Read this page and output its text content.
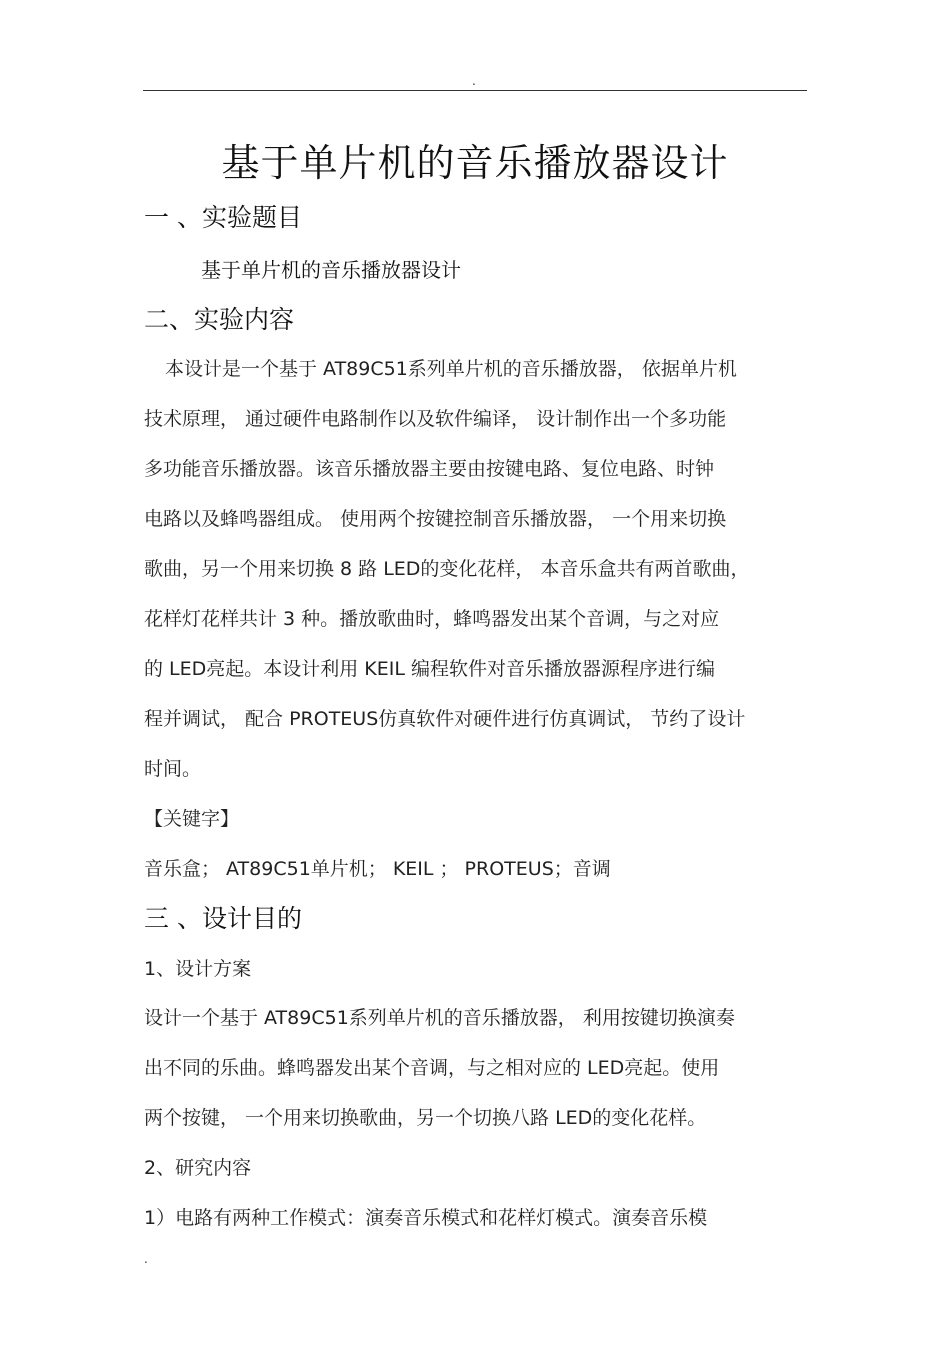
.
基于单片机的音乐播放器设计
一 、实验题目
基于单片机的音乐播放器设计
二、实验内容
本设计是一个基于 AT89C51系列单片机的音乐播放器， 依据单片机
技术原理， 通过硬件电路制作以及软件编译， 设计制作出一个多功能
多功能音乐播放器。该音乐播放器主要由按键电路、复位电路、时钟
电路以及蜂鸣器组成。 使用两个按键控制音乐播放器， 一个用来切换
歌曲，另一个用来切换 8 路 LED的变化花样， 本音乐盒共有两首歌曲，
花样灯花样共计 3 种。播放歌曲时，蜂鸣器发出某个音调，与之对应
的 LED亮起。本设计利用 KEIL 编程软件对音乐播放器源程序进行编
程并调试， 配合 PROTEUS仿真软件对硬件进行仿真调试， 节约了设计
时间。
【关键字】
音乐盒； AT89C51单片机； KEIL ； PROTEUS；音调
三 、设计目的
1、设计方案
设计一个基于 AT89C51系列单片机的音乐播放器， 利用按键切换演奏
出不同的乐曲。蜂鸣器发出某个音调，与之相对应的 LED亮起。使用
两个按键， 一个用来切换歌曲，另一个切换八路 LED的变化花样。
2、研究内容
1）电路有两种工作模式：演奏音乐模式和花样灯模式。演奏音乐模
.
